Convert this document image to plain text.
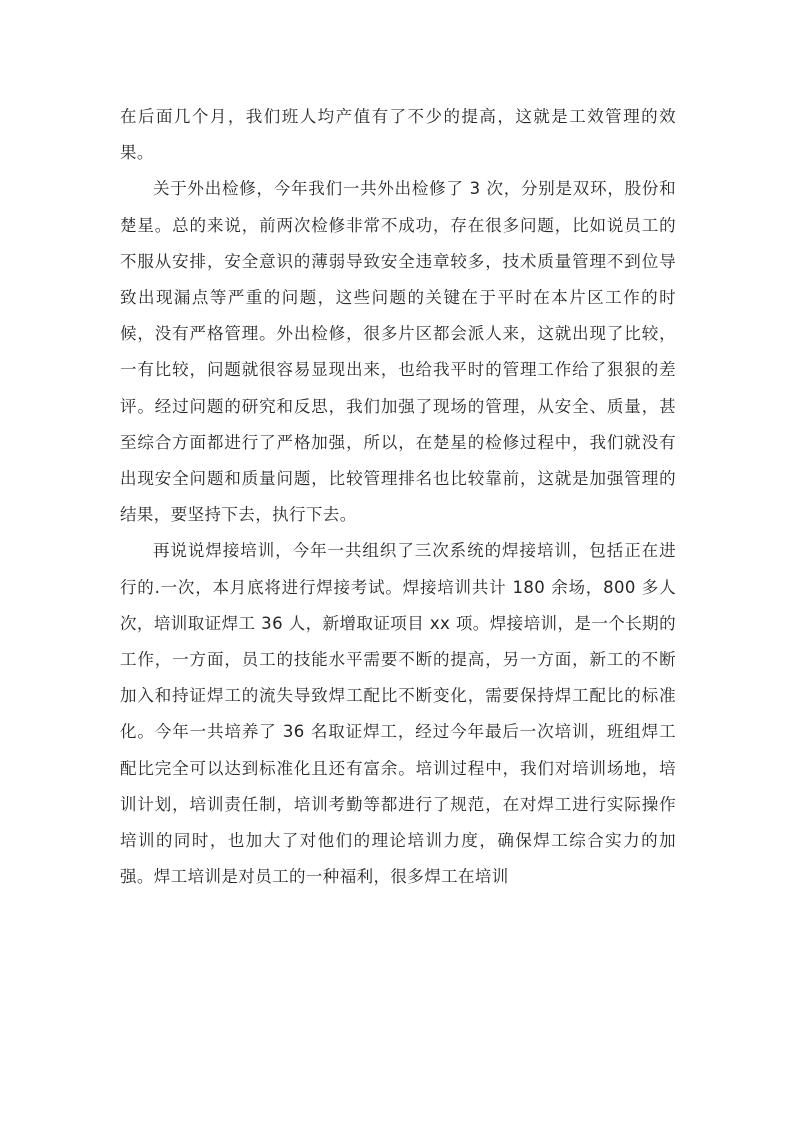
在后面几个月，我们班人均产值有了不少的提高，这就是工效管理的效果。

关于外出检修，今年我们一共外出检修了 3 次，分别是双环，股份和楚星。总的来说，前两次检修非常不成功，存在很多问题，比如说员工的不服从安排，安全意识的薄弱导致安全违章较多，技术质量管理不到位导致出现漏点等严重的问题，这些问题的关键在于平时在本片区工作的时候，没有严格管理。外出检修，很多片区都会派人来，这就出现了比较，一有比较，问题就很容易显现出来，也给我平时的管理工作给了狠狠的差评。经过问题的研究和反思，我们加强了现场的管理，从安全、质量，甚至综合方面都进行了严格加强，所以，在楚星的检修过程中，我们就没有出现安全问题和质量问题，比较管理排名也比较靠前，这就是加强管理的结果，要坚持下去，执行下去。

再说说焊接培训，今年一共组织了三次系统的焊接培训，包括正在进行的.一次，本月底将进行焊接考试。焊接培训共计 180 余场，800 多人次，培训取证焊工 36 人，新增取证项目 xx 项。焊接培训，是一个长期的工作，一方面，员工的技能水平需要不断的提高，另一方面，新工的不断加入和持证焊工的流失导致焊工配比不断变化，需要保持焊工配比的标准化。今年一共培养了 36 名取证焊工，经过今年最后一次培训，班组焊工配比完全可以达到标准化且还有富余。培训过程中，我们对培训场地，培训计划，培训责任制，培训考勤等都进行了规范，在对焊工进行实际操作培训的同时，也加大了对他们的理论培训力度，确保焊工综合实力的加强。焊工培训是对员工的一种福利，很多焊工在培训
